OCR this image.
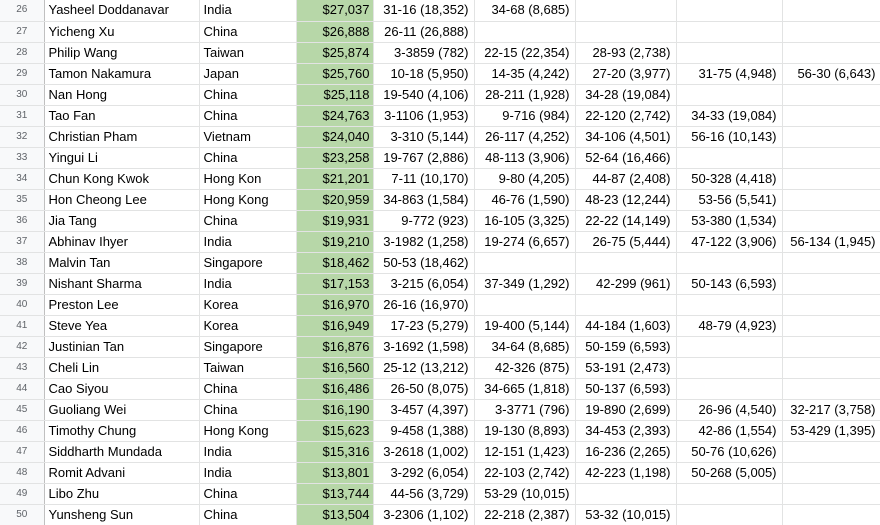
26	Yasheel Doddanavar	India	$27,037	31-16 (18,352)	34-68 (8,685)			
27	Yicheng Xu	China	$26,888	26-11 (26,888)				
28	Philip Wang	Taiwan	$25,874	3-3859 (782)	22-15 (22,354)	28-93 (2,738)		
29	Tamon Nakamura	Japan	$25,760	10-18 (5,950)	14-35 (4,242)	27-20 (3,977)	31-75 (4,948)	56-30 (6,643)
30	Nan Hong	China	$25,118	19-540 (4,106)	28-211 (1,928)	34-28 (19,084)		
31	Tao Fan	China	$24,763	3-1106 (1,953)	9-716 (984)	22-120 (2,742)	34-33 (19,084)	
32	Christian Pham	Vietnam	$24,040	3-310 (5,144)	26-117 (4,252)	34-106 (4,501)	56-16 (10,143)	
33	Yingui Li	China	$23,258	19-767 (2,886)	48-113 (3,906)	52-64 (16,466)		
34	Chun Kong Kwok	Hong Kon	$21,201	7-11 (10,170)	9-80 (4,205)	44-87 (2,408)	50-328 (4,418)	
35	Hon Cheong Lee	Hong Kong	$20,959	34-863 (1,584)	46-76 (1,590)	48-23 (12,244)	53-56 (5,541)	
36	Jia Tang	China	$19,931	9-772 (923)	16-105 (3,325)	22-22 (14,149)	53-380 (1,534)	
37	Abhinav Ihyer	India	$19,210	3-1982 (1,258)	19-274 (6,657)	26-75 (5,444)	47-122 (3,906)	56-134 (1,945)
38	Malvin Tan	Singapore	$18,462	50-53 (18,462)				
39	Nishant Sharma	India	$17,153	3-215 (6,054)	37-349 (1,292)	42-299 (961)	50-143 (6,593)	
40	Preston Lee	Korea	$16,970	26-16 (16,970)				
41	Steve Yea	Korea	$16,949	17-23 (5,279)	19-400 (5,144)	44-184 (1,603)	48-79 (4,923)	
42	Justinian Tan	Singapore	$16,876	3-1692 (1,598)	34-64 (8,685)	50-159 (6,593)		
43	Cheli Lin	Taiwan	$16,560	25-12 (13,212)	42-326 (875)	53-191 (2,473)		
44	Cao Siyou	China	$16,486	26-50 (8,075)	34-665 (1,818)	50-137 (6,593)		
45	Guoliang Wei	China	$16,190	3-457 (4,397)	3-3771 (796)	19-890 (2,699)	26-96 (4,540)	32-217 (3,758)
46	Timothy Chung	Hong Kong	$15,623	9-458 (1,388)	19-130 (8,893)	34-453 (2,393)	42-86 (1,554)	53-429 (1,395)
47	Siddharth Mundada	India	$15,316	3-2618 (1,002)	12-151 (1,423)	16-236 (2,265)	50-76 (10,626)	
48	Romit Advani	India	$13,801	3-292 (6,054)	22-103 (2,742)	42-223 (1,198)	50-268 (5,005)	
49	Libo Zhu	China	$13,744	44-56 (3,729)	53-29 (10,015)			
50	Yunsheng Sun	China	$13,504	3-2306 (1,102)	22-218 (2,387)	53-32 (10,015)		
